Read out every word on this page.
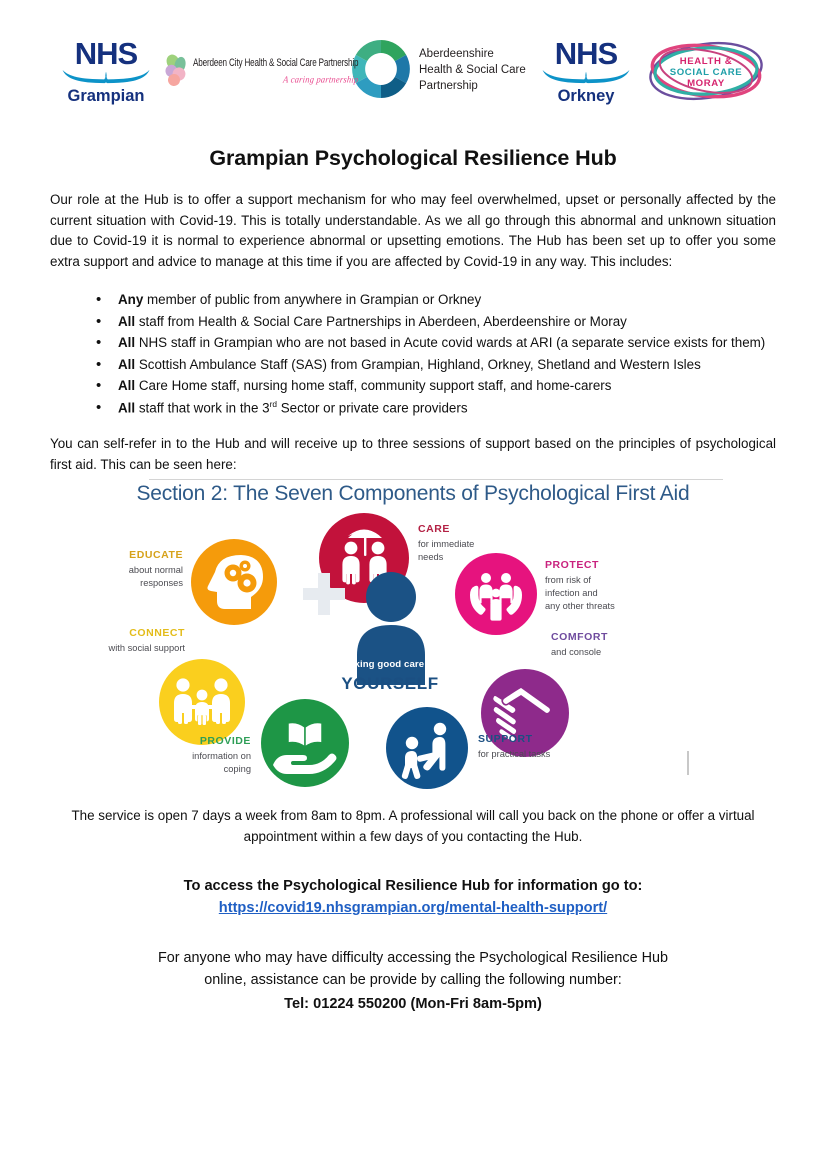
NHS
Grampian
Aberdeen City Health & Social Care Partnership
A caring partnership
Aberdeenshire
Health & Social Care
Partnership
NHS
Orkney
HEALTH &
SOCIAL CARE
MORAY
Grampian Psychological Resilience Hub
Our role at the Hub is to offer a support mechanism for who may feel overwhelmed, upset or personally affected by the current situation with Covid-19. This is totally understandable. As we all go through this abnormal and unknown situation due to Covid-19 it is normal to experience abnormal or upsetting emotions. The Hub has been set up to offer you some extra support and advice to manage at this time if you are affected by Covid-19 in any way. This includes:
• Any member of public from anywhere in Grampian or Orkney
• All staff from Health & Social Care Partnerships in Aberdeen, Aberdeenshire or Moray
• All NHS staff in Grampian who are not based in Acute covid wards at ARI (a separate service exists for them)
• All Scottish Ambulance Staff (SAS) from Grampian, Highland, Orkney, Shetland and Western Isles
• All Care Home staff, nursing home staff, community support staff, and home-carers
• All staff that work in the 3rd Sector or private care providers
You can self-refer in to the Hub and will receive up to three sessions of support based on the principles of psychological first aid. This can be seen here:
Section 2: The Seven Components of Psychological First Aid
EDUCATE
about normal
responses
CONNECT
with social support
CARE
for immediate
needs
PROTECT
from risk of
infection and
any other threats
COMFORT
and console
PROVIDE
information on
coping
SUPPORT
for practical tasks
Taking good care of
YOURSELF
The service is open 7 days a week from 8am to 8pm. A professional will call you back on the phone or offer a virtual appointment within a few days of you contacting the Hub.
To access the Psychological Resilience Hub for information go to:
https://covid19.nhsgrampian.org/mental-health-support/
For anyone who may have difficulty accessing the Psychological Resilience Hub
online, assistance can be provide by calling the following number:
Tel: 01224 550200 (Mon-Fri 8am-5pm)
